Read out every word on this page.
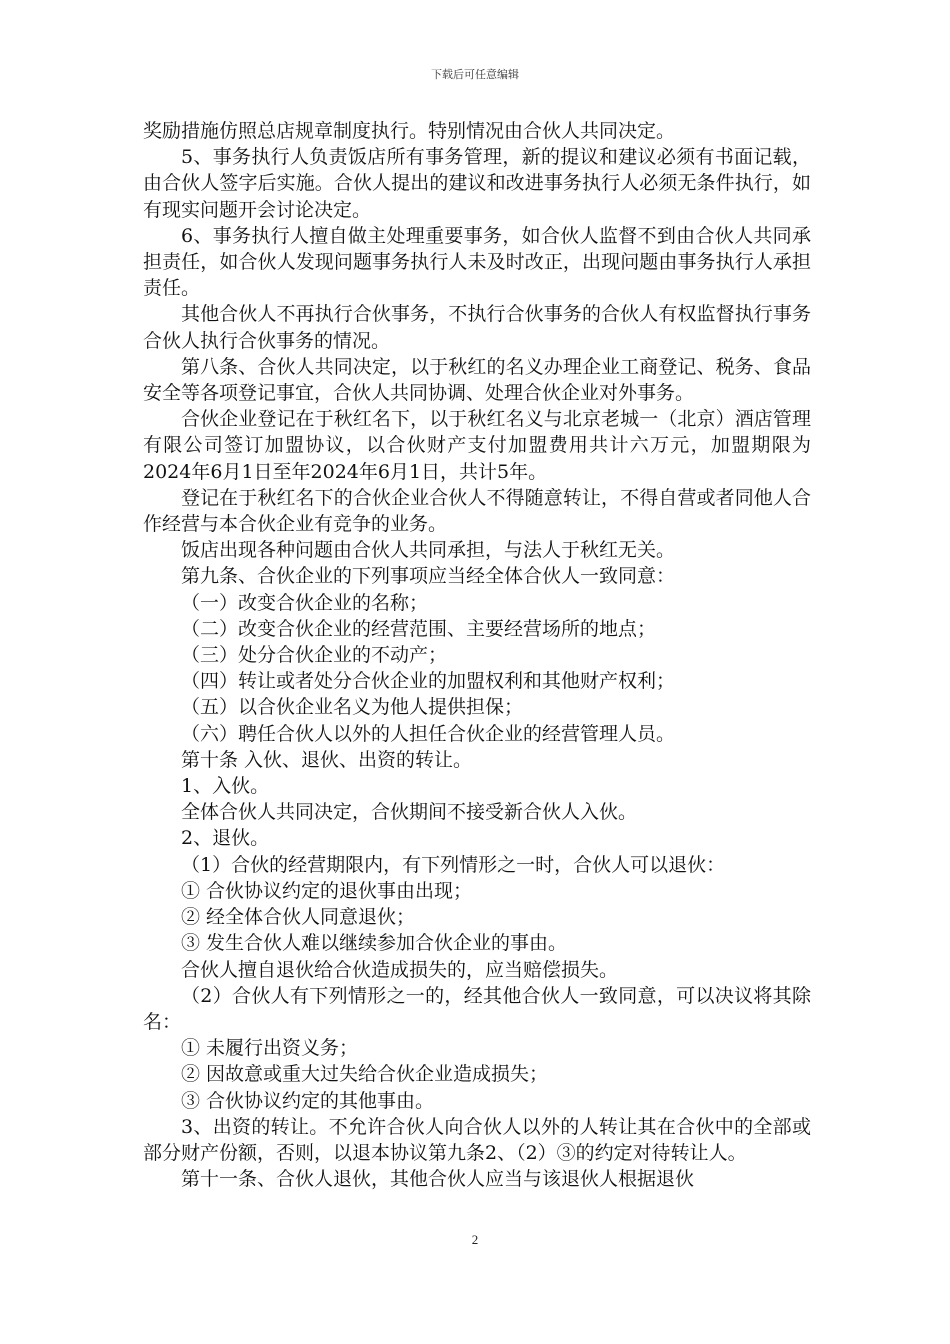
下载后可任意编辑

奖励措施仿照总店规章制度执行。特别情况由合伙人共同决定。

5、事务执行人负责饭店所有事务管理，新的提议和建议必须有书面记载，由合伙人签字后实施。合伙人提出的建议和改进事务执行人必须无条件执行，如有现实问题开会讨论决定。

6、事务执行人擅自做主处理重要事务，如合伙人监督不到由合伙人共同承担责任，如合伙人发现问题事务执行人未及时改正，出现问题由事务执行人承担责任。

其他合伙人不再执行合伙事务，不执行合伙事务的合伙人有权监督执行事务合伙人执行合伙事务的情况。

第八条、合伙人共同决定，以于秋红的名义办理企业工商登记、税务、食品安全等各项登记事宜，合伙人共同协调、处理合伙企业对外事务。

合伙企业登记在于秋红名下，以于秋红名义与北京老城一（北京）酒店管理有限公司签订加盟协议，以合伙财产支付加盟费用共计六万元，加盟期限为2024年6月1日至年2024年6月1日，共计5年。

登记在于秋红名下的合伙企业合伙人不得随意转让，不得自营或者同他人合作经营与本合伙企业有竞争的业务。

饭店出现各种问题由合伙人共同承担，与法人于秋红无关。

第九条、合伙企业的下列事项应当经全体合伙人一致同意：

（一）改变合伙企业的名称；

（二）改变合伙企业的经营范围、主要经营场所的地点；

（三）处分合伙企业的不动产；

（四）转让或者处分合伙企业的加盟权利和其他财产权利；

（五）以合伙企业名义为他人提供担保；

（六）聘任合伙人以外的人担任合伙企业的经营管理人员。

第十条 入伙、退伙、出资的转让。

1、入伙。

全体合伙人共同决定，合伙期间不接受新合伙人入伙。

2、退伙。

（1）合伙的经营期限内，有下列情形之一时，合伙人可以退伙：

① 合伙协议约定的退伙事由出现；

② 经全体合伙人同意退伙；

③ 发生合伙人难以继续参加合伙企业的事由。

合伙人擅自退伙给合伙造成损失的，应当赔偿损失。

（2）合伙人有下列情形之一的，经其他合伙人一致同意，可以决议将其除名：

① 未履行出资义务；

② 因故意或重大过失给合伙企业造成损失；

③ 合伙协议约定的其他事由。

3、出资的转让。不允许合伙人向合伙人以外的人转让其在合伙中的全部或部分财产份额，否则，以退本协议第九条2、（2）③的约定对待转让人。

第十一条、合伙人退伙，其他合伙人应当与该退伙人根据退伙

2
